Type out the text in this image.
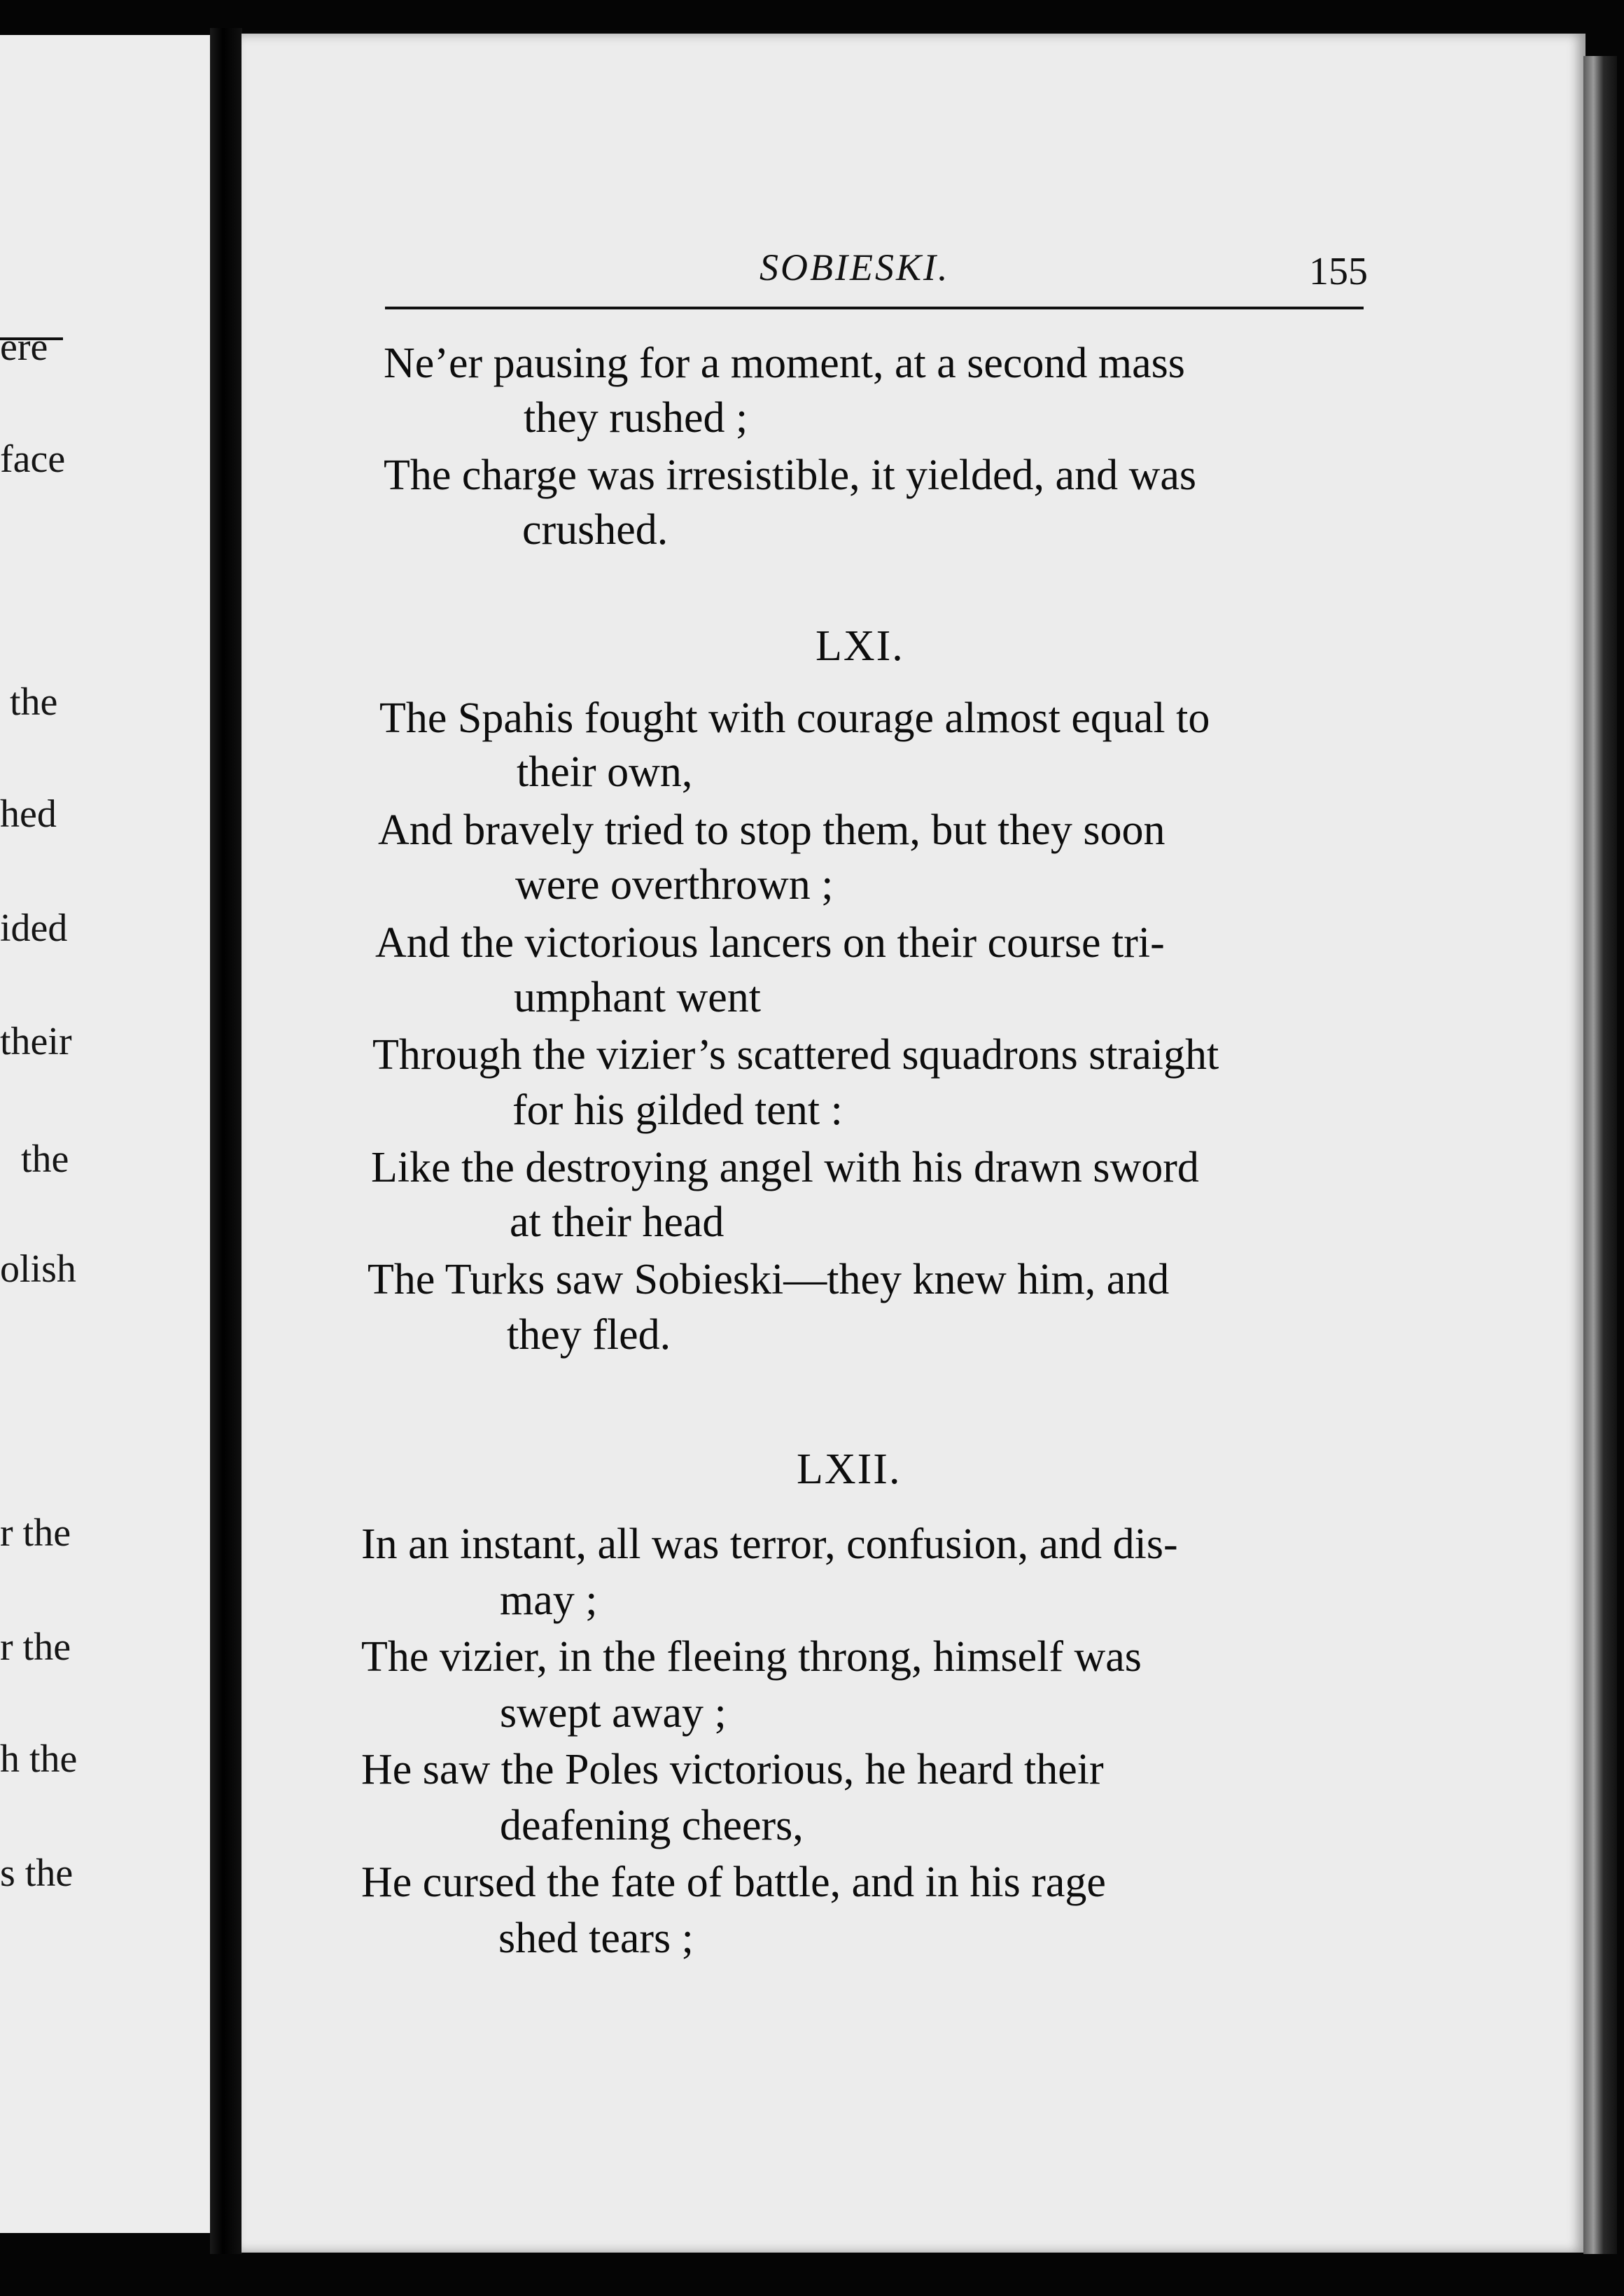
ere
face
the
hed
ided
their
the
olish
r the
r the
h the
s the
SOBIESKI.	155
Ne’er pausing for a moment, at a second mass
they rushed ;
The charge was irresistible, it yielded, and was
crushed.
LXI.
The Spahis fought with courage almost equal to
their own,
And bravely tried to stop them, but they soon
were overthrown ;
And the victorious lancers on their course tri-
umphant went
Through the vizier’s scattered squadrons straight
for his gilded tent :
Like the destroying angel with his drawn sword
at their head
The Turks saw Sobieski—they knew him, and
they fled.
LXII.
In an instant, all was terror, confusion, and dis-
may ;
The vizier, in the fleeing throng, himself was
swept away ;
He saw the Poles victorious, he heard their
deafening cheers,
He cursed the fate of battle, and in his rage
shed tears ;
